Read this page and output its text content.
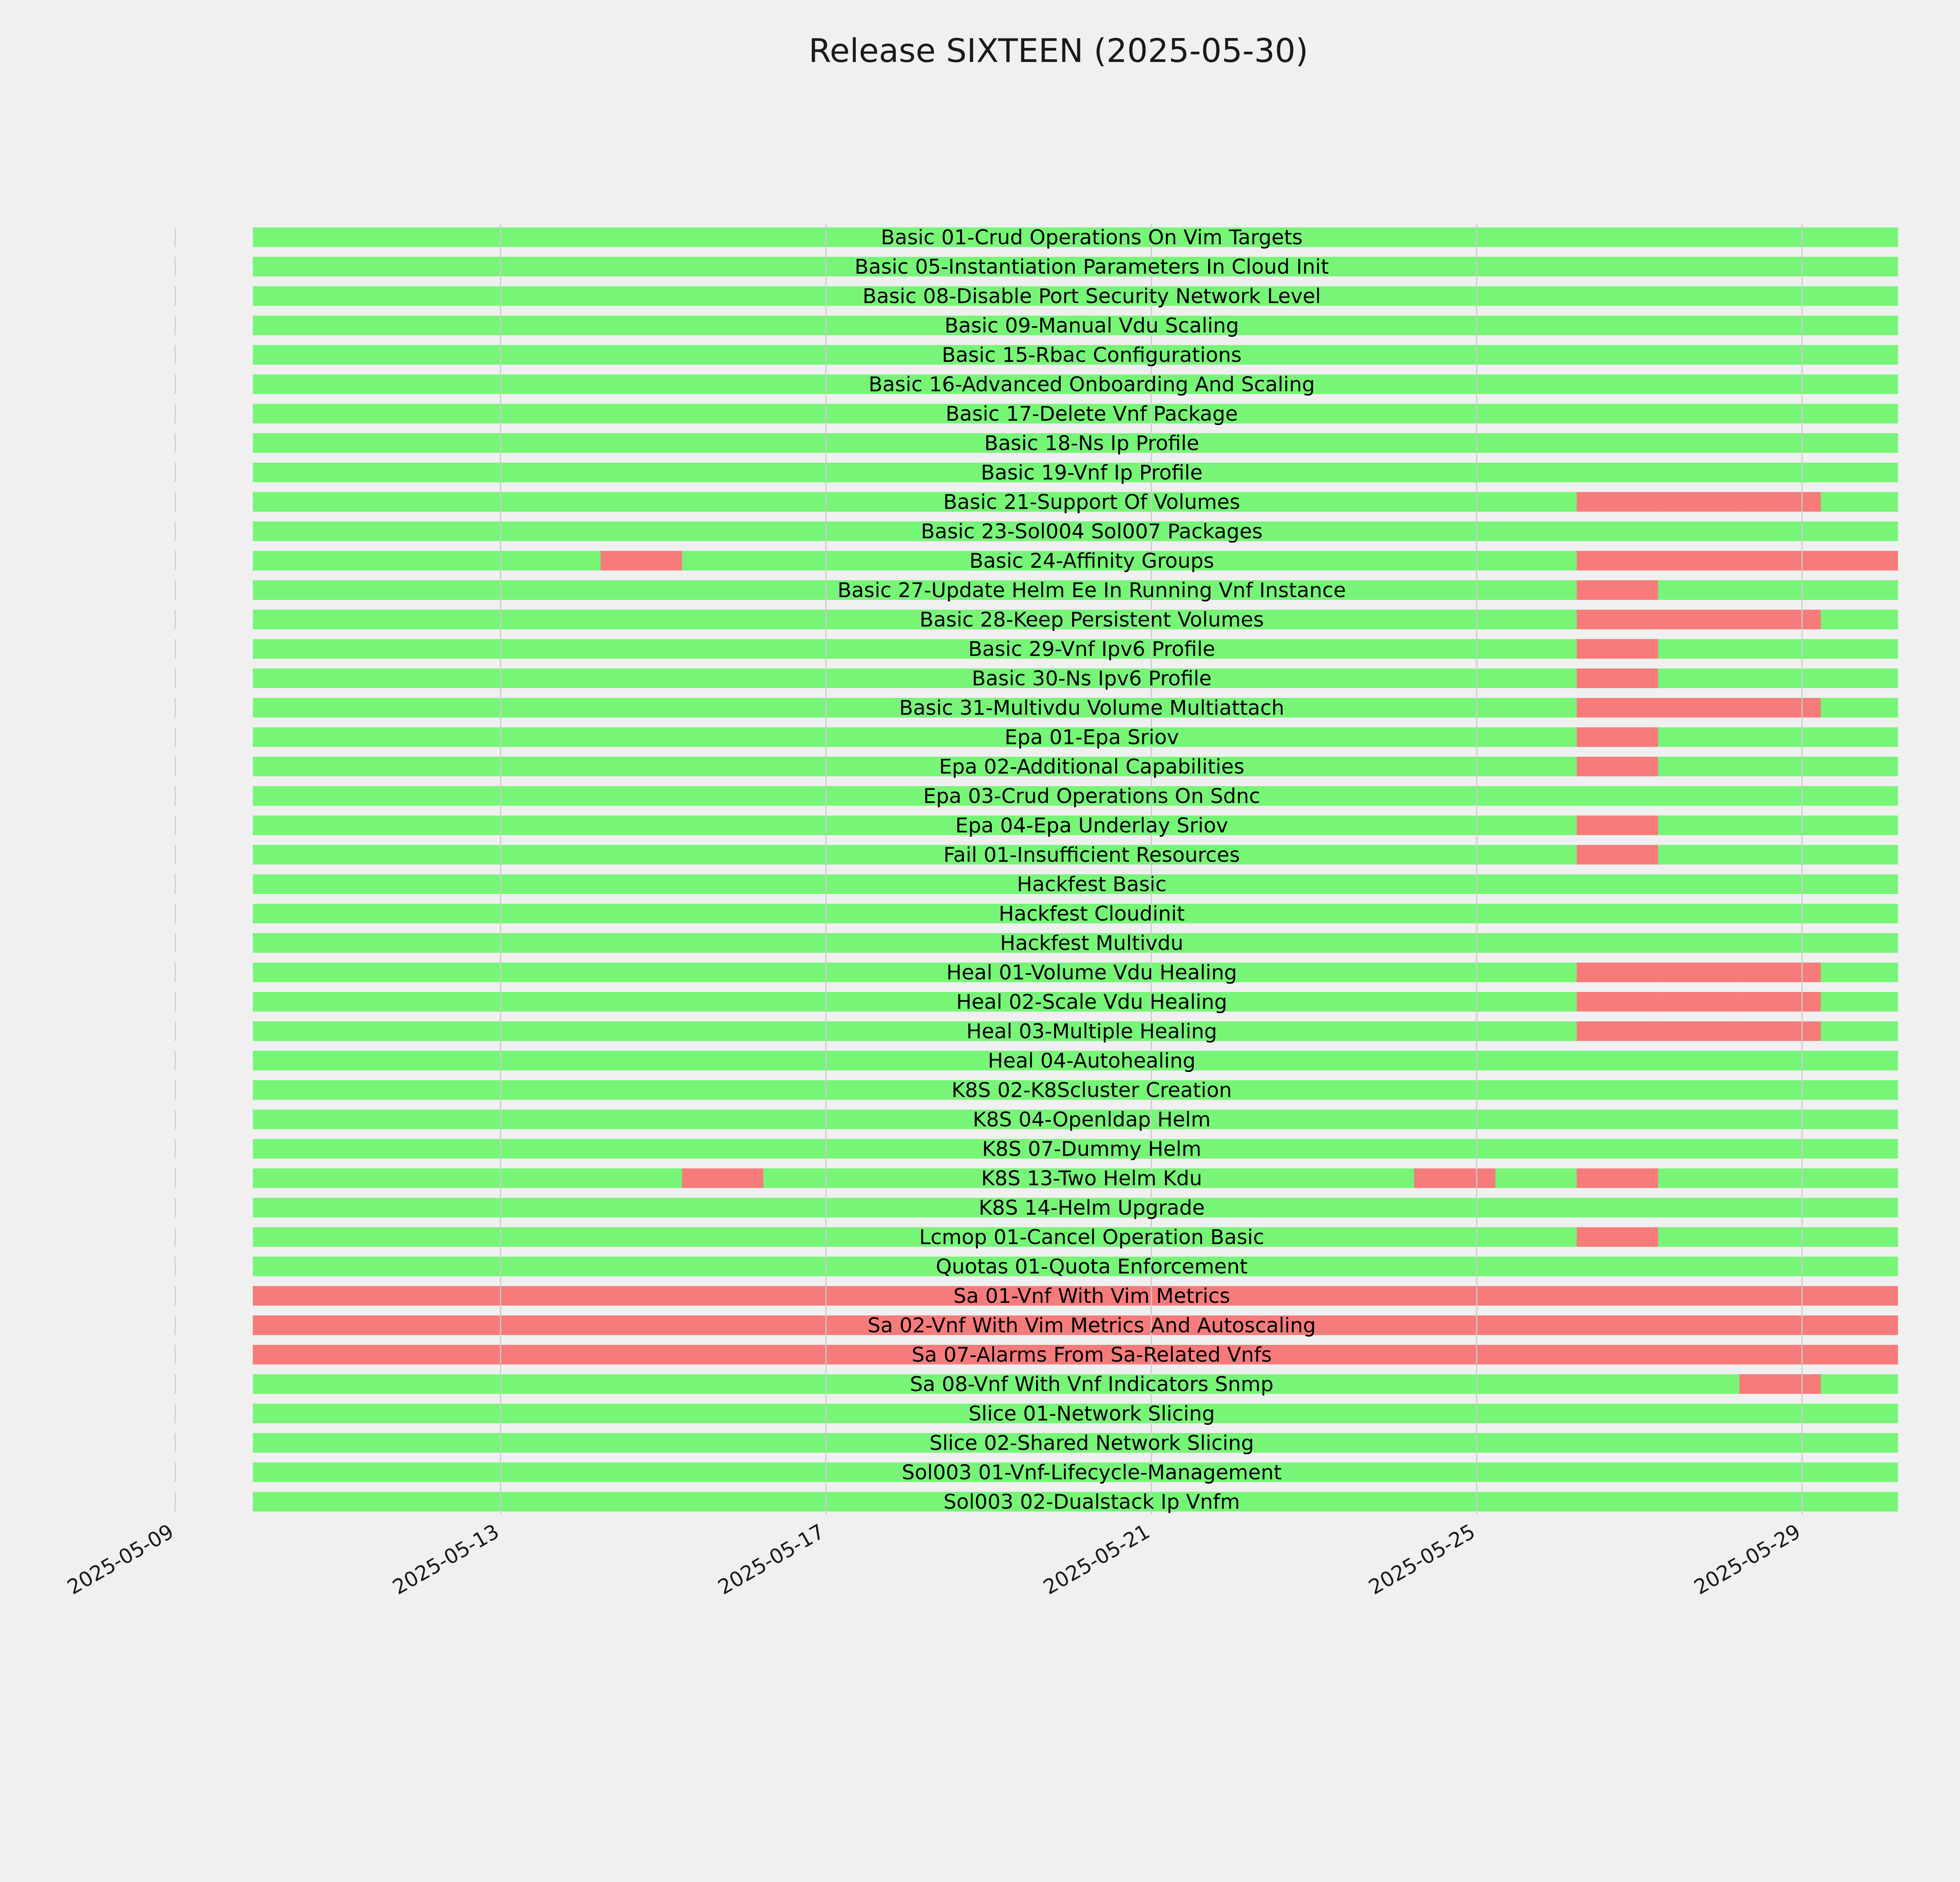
Release SIXTEEN (2025-05-30)
Basic 01-Crud Operations On Vim Targets
Basic 05-Instantiation Parameters In Cloud Init
Basic 08-Disable Port Security Network Level
Basic 09-Manual Vdu Scaling
Basic 15-Rbac Configurations
Basic 16-Advanced Onboarding And Scaling
Basic 17-Delete Vnf Package
Basic 18-Ns Ip Profile
Basic 19-Vnf Ip Profile
Basic 21-Support Of Volumes
Basic 23-Sol004 Sol007 Packages
Basic 24-Affinity Groups
Basic 27-Update Helm Ee In Running Vnf Instance
Basic 28-Keep Persistent Volumes
Basic 29-Vnf Ipv6 Profile
Basic 30-Ns Ipv6 Profile
Basic 31-Multivdu Volume Multiattach
Epa 01-Epa Sriov
Epa 02-Additional Capabilities
Epa 03-Crud Operations On Sdnc
Epa 04-Epa Underlay Sriov
Fail 01-Insufficient Resources
Hackfest Basic
Hackfest Cloudinit
Hackfest Multivdu
Heal 01-Volume Vdu Healing
Heal 02-Scale Vdu Healing
Heal 03-Multiple Healing
Heal 04-Autohealing
K8S 02-K8Scluster Creation
K8S 04-Openldap Helm
K8S 07-Dummy Helm
K8S 13-Two Helm Kdu
K8S 14-Helm Upgrade
Lcmop 01-Cancel Operation Basic
Quotas 01-Quota Enforcement
Sa 01-Vnf With Vim Metrics
Sa 02-Vnf With Vim Metrics And Autoscaling
Sa 07-Alarms From Sa-Related Vnfs
Sa 08-Vnf With Vnf Indicators Snmp
Slice 01-Network Slicing
Slice 02-Shared Network Slicing
Sol003 01-Vnf-Lifecycle-Management
Sol003 02-Dualstack Ip Vnfm
2025-05-09	2025-05-13	2025-05-17	2025-05-21	2025-05-25	2025-05-29
